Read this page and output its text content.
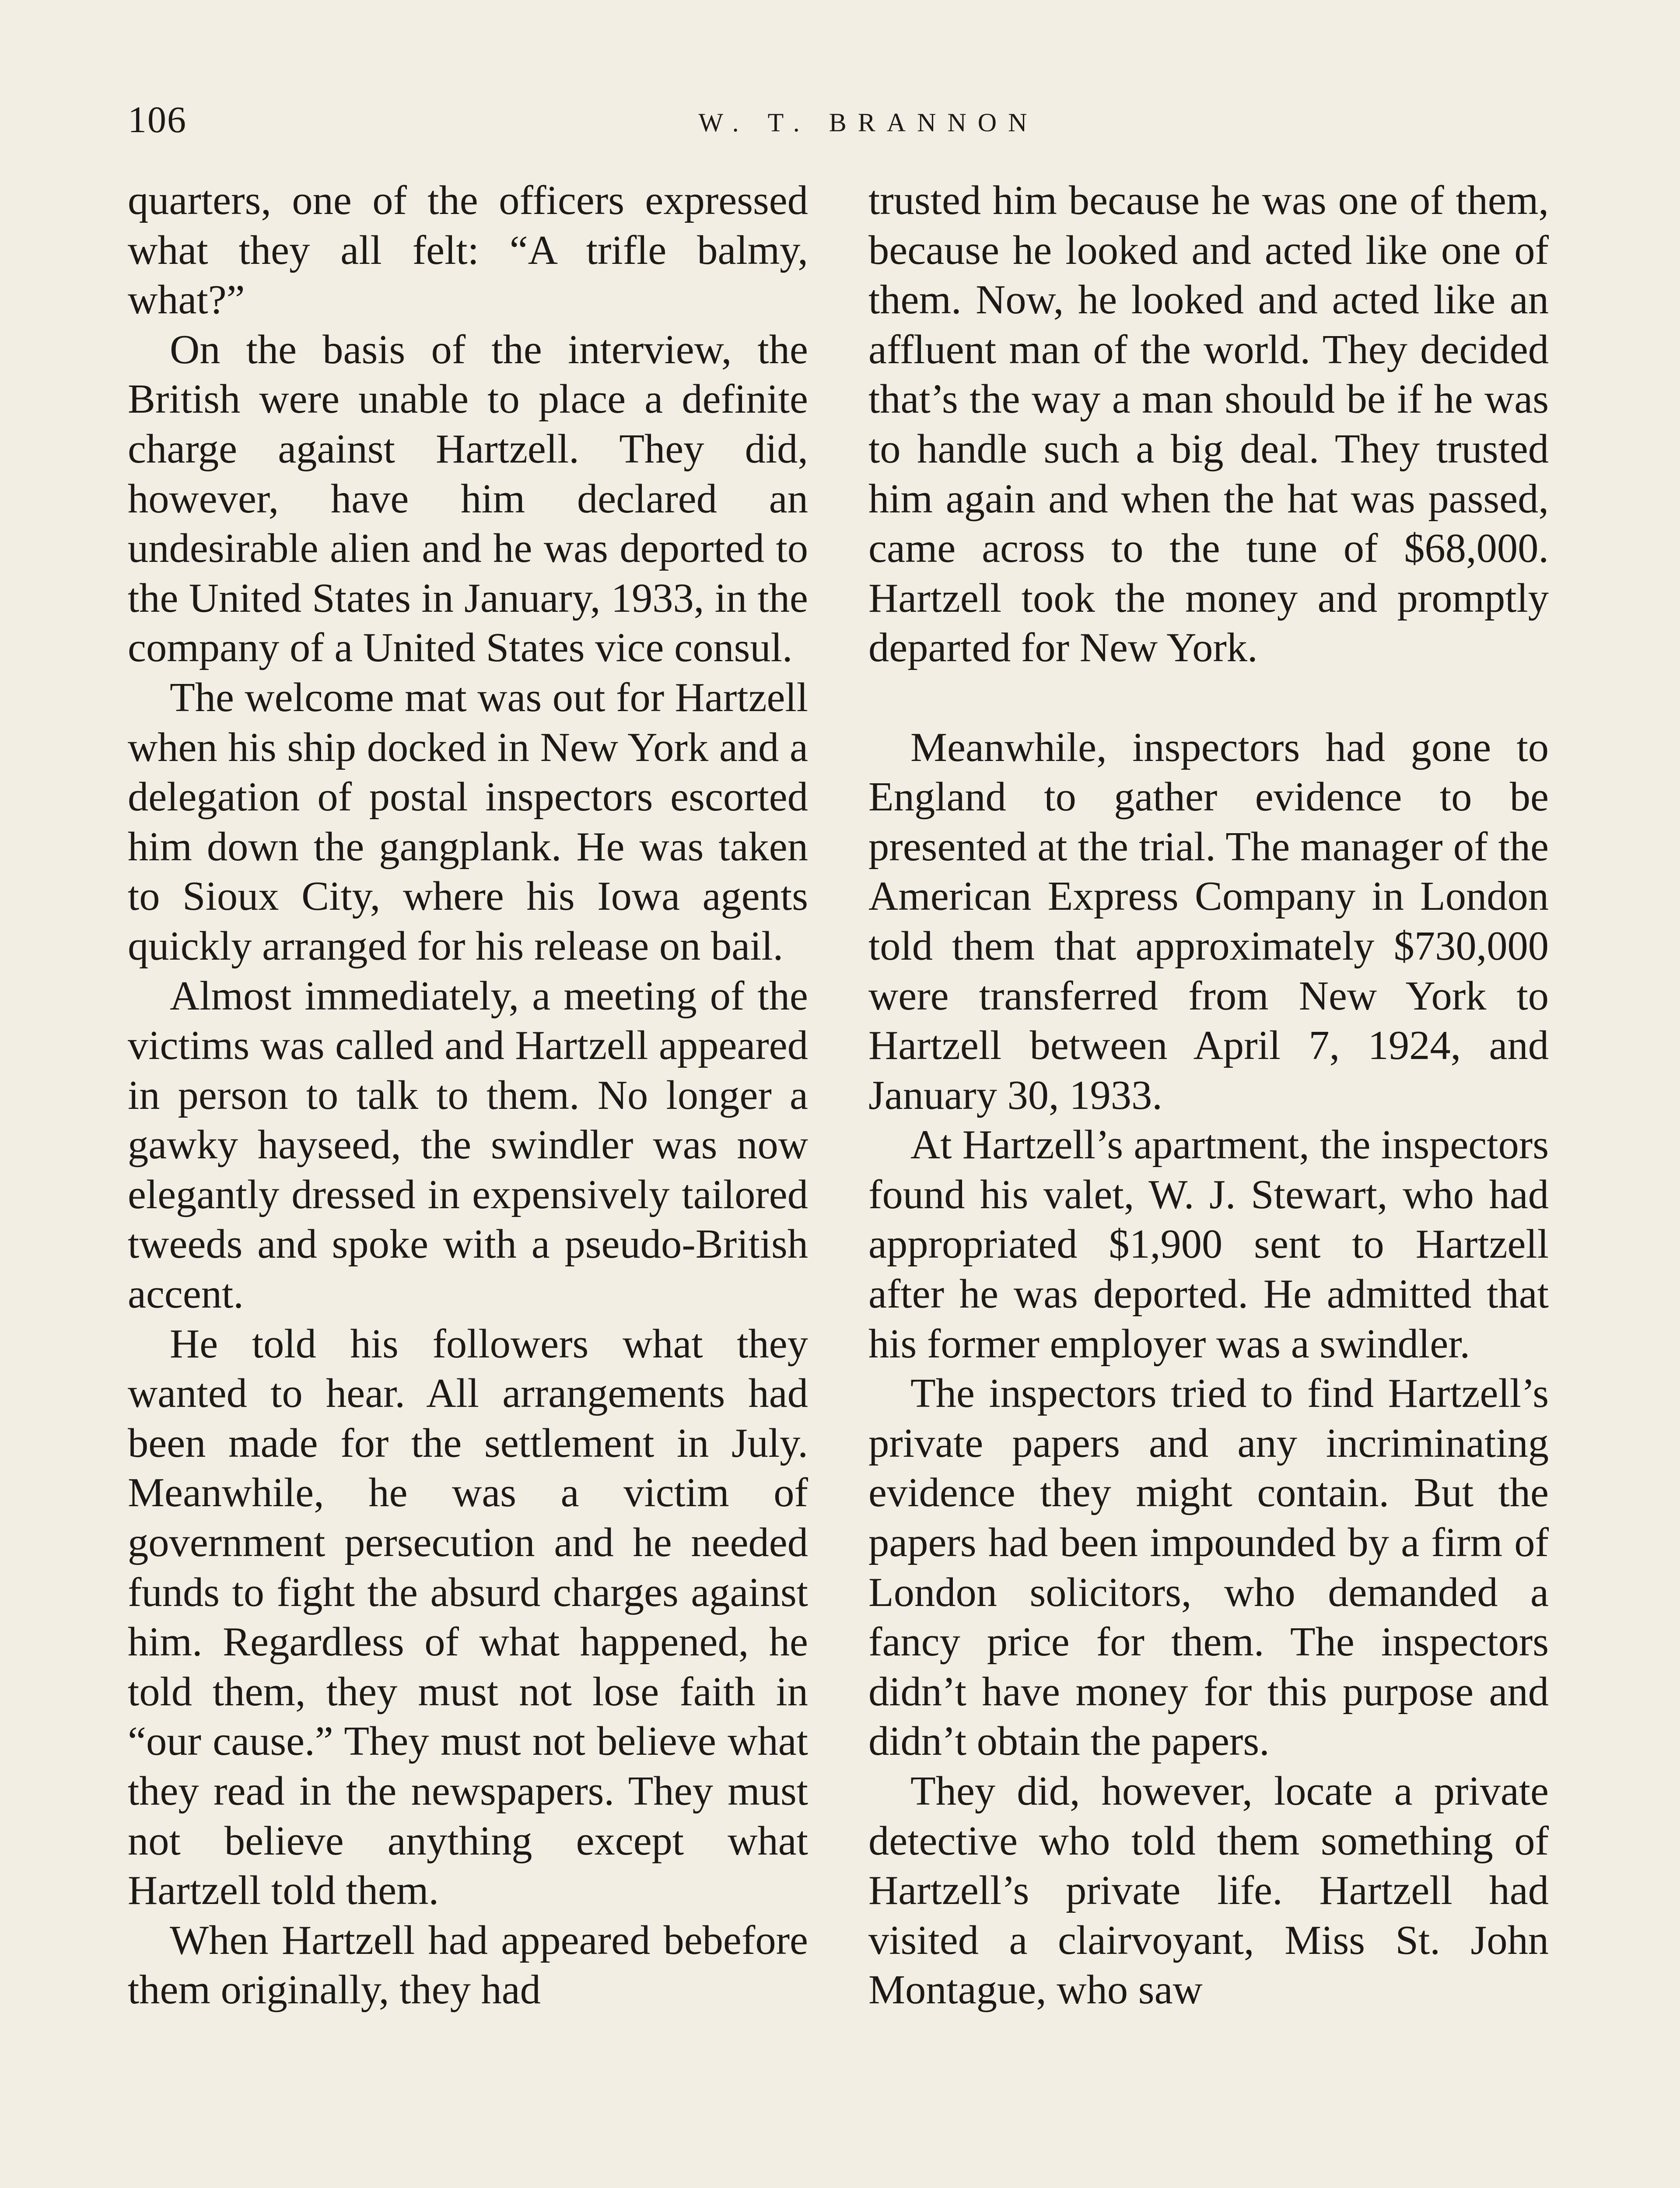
106	W. T. BRANNON

quarters, one of the officers expressed what they all felt: “A trifle balmy, what?”

On the basis of the interview, the British were unable to place a definite charge against Hartzell. They did, however, have him declared an undesirable alien and he was deported to the United States in January, 1933, in the company of a United States vice consul.

The welcome mat was out for Hartzell when his ship docked in New York and a delegation of postal inspectors escorted him down the gangplank. He was taken to Sioux City, where his Iowa agents quickly arranged for his release on bail.

Almost immediately, a meeting of the victims was called and Hartzell appeared in person to talk to them. No longer a gawky hayseed, the swindler was now elegantly dressed in expensively tailored tweeds and spoke with a pseudo-British accent.

He told his followers what they wanted to hear. All arrangements had been made for the settlement in July. Meanwhile, he was a victim of government persecution and he needed funds to fight the absurd charges against him. Regardless of what happened, he told them, they must not lose faith in “our cause.” They must not believe what they read in the newspapers. They must not believe anything except what Hartzell told them.

When Hartzell had appeared bebefore them originally, they had

trusted him because he was one of them, because he looked and acted like one of them. Now, he looked and acted like an affluent man of the world. They decided that’s the way a man should be if he was to handle such a big deal. They trusted him again and when the hat was passed, came across to the tune of $68,000. Hartzell took the money and promptly departed for New York.

Meanwhile, inspectors had gone to England to gather evidence to be presented at the trial. The manager of the American Express Company in London told them that approximately $730,000 were transferred from New York to Hartzell between April 7, 1924, and January 30, 1933.

At Hartzell’s apartment, the inspectors found his valet, W. J. Stewart, who had appropriated $1,900 sent to Hartzell after he was deported. He admitted that his former employer was a swindler.

The inspectors tried to find Hartzell’s private papers and any incriminating evidence they might contain. But the papers had been impounded by a firm of London solicitors, who demanded a fancy price for them. The inspectors didn’t have money for this purpose and didn’t obtain the papers.

They did, however, locate a private detective who told them something of Hartzell’s private life. Hartzell had visited a clairvoyant, Miss St. John Montague, who saw
